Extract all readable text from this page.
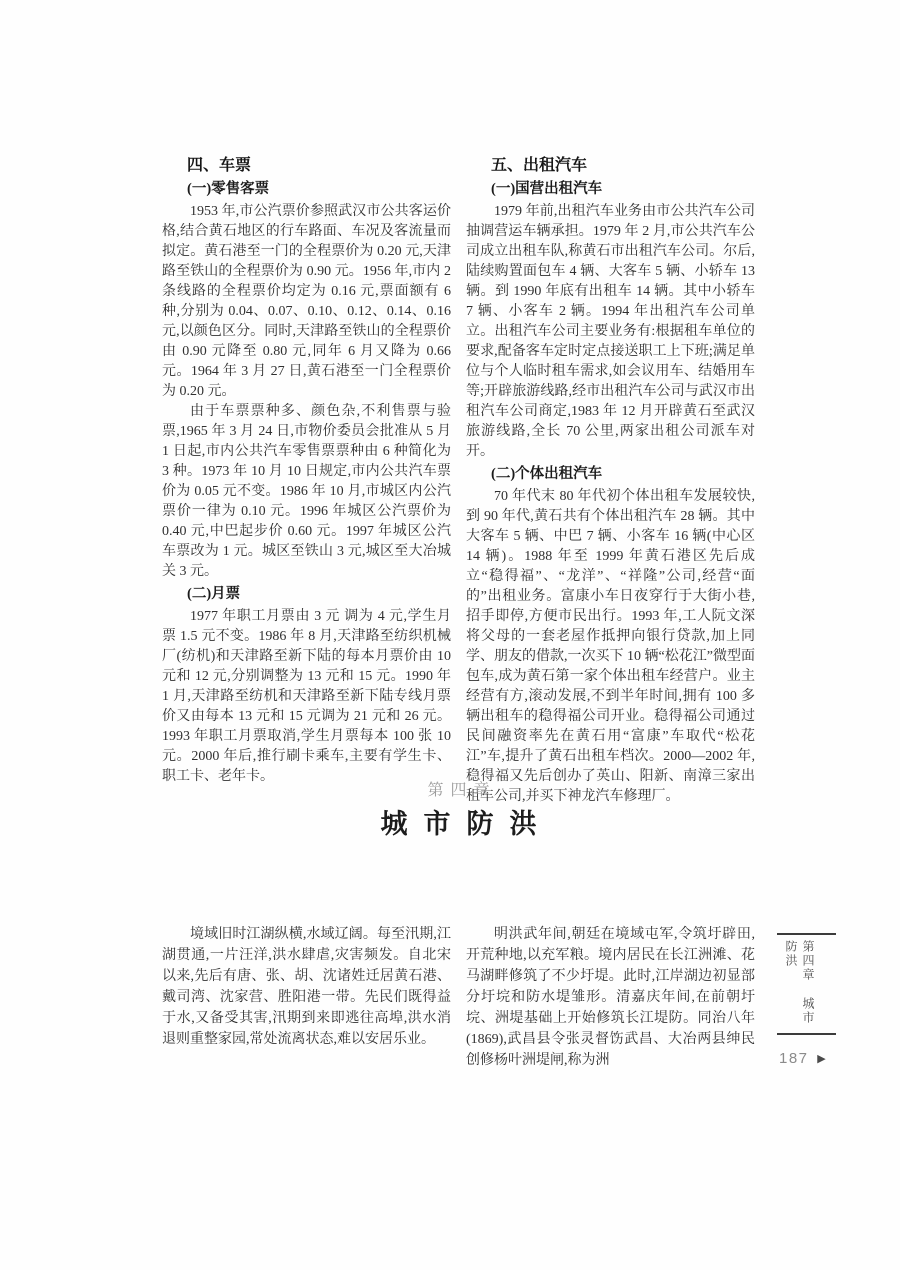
四、车票
(一)零售客票

1953 年,市公汽票价参照武汉市公共客运价格,结合黄石地区的行车路面、车况及客流量而拟定。黄石港至一门的全程票价为 0.20 元,天津路至铁山的全程票价为 0.90 元。1956 年,市内 2 条线路的全程票价均定为 0.16 元,票面额有 6 种,分别为 0.04、0.07、0.10、0.12、0.14、0.16 元,以颜色区分。同时,天津路至铁山的全程票价由 0.90 元降至 0.80 元,同年 6 月又降为 0.66 元。1964 年 3 月 27 日,黄石港至一门全程票价为 0.20 元。

由于车票票种多、颜色杂,不利售票与验票,1965 年 3 月 24 日,市物价委员会批准从 5 月 1 日起,市内公共汽车零售票票种由 6 种简化为 3 种。1973 年 10 月 10 日规定,市内公共汽车票价为 0.05 元不变。1986 年 10 月,市城区内公汽票价一律为 0.10 元。1996 年城区公汽票价为 0.40 元,中巴起步价 0.60 元。1997 年城区公汽车票改为 1 元。城区至铁山 3 元,城区至大冶城关 3 元。

(二)月票

1977 年职工月票由 3 元 调为 4 元,学生月票 1.5 元不变。1986 年 8 月,天津路至纺织机械厂(纺机)和天津路至新下陆的每本月票价由 10 元和 12 元,分别调整为 13 元和 15 元。1990 年 1 月,天津路至纺机和天津路至新下陆专线月票价又由每本 13 元和 15 元调为 21 元和 26 元。1993 年职工月票取消,学生月票每本 100 张 10 元。2000 年后,推行刷卡乘车,主要有学生卡、职工卡、老年卡。

五、出租汽车
(一)国营出租汽车

1979 年前,出租汽车业务由市公共汽车公司抽调营运车辆承担。1979 年 2 月,市公共汽车公司成立出租车队,称黄石市出租汽车公司。尔后,陆续购置面包车 4 辆、大客车 5 辆、小轿车 13 辆。到 1990 年底有出租车 14 辆。其中小轿车 7 辆、小客车 2 辆。1994 年出租汽车公司单立。出租汽车公司主要业务有:根据租车单位的要求,配备客车定时定点接送职工上下班;满足单位与个人临时租车需求,如会议用车、结婚用车等;开辟旅游线路,经市出租汽车公司与武汉市出租汽车公司商定,1983 年 12 月开辟黄石至武汉旅游线路,全长 70 公里,两家出租公司派车对开。

(二)个体出租汽车

70 年代末 80 年代初个体出租车发展较快,到 90 年代,黄石共有个体出租汽车 28 辆。其中大客车 5 辆、中巴 7 辆、小客车 16 辆(中心区 14 辆)。1988 年至 1999 年黄石港区先后成立“稳得福”、“龙洋”、“祥隆”公司,经营“面的”出租业务。富康小车日夜穿行于大街小巷,招手即停,方便市民出行。1993 年,工人阮文深将父母的一套老屋作抵押向银行贷款,加上同学、朋友的借款,一次买下 10 辆“松花江”微型面包车,成为黄石第一家个体出租车经营户。业主经营有方,滚动发展,不到半年时间,拥有 100 多辆出租车的稳得福公司开业。稳得福公司通过民间融资率先在黄石用“富康”车取代“松花江”车,提升了黄石出租车档次。2000—2002 年,稳得福又先后创办了英山、阳新、南漳三家出租车公司,并买下神龙汽车修理厂。

第四章
城市防洪

境域旧时江湖纵横,水域辽阔。每至汛期,江湖贯通,一片汪洋,洪水肆虐,灾害频发。自北宋以来,先后有唐、张、胡、沈诸姓迁居黄石港、戴司湾、沈家营、胜阳港一带。先民们既得益于水,又备受其害,汛期到来即逃往高埠,洪水消退则重整家园,常处流离状态,难以安居乐业。

明洪武年间,朝廷在境域屯军,令筑圩辟田,开荒种地,以充军粮。境内居民在长江洲滩、花马湖畔修筑了不少圩堤。此时,江岸湖边初显部分圩垸和防水堤雏形。清嘉庆年间,在前朝圩垸、洲堤基础上开始修筑长江堤防。同治八年(1869),武昌县令张灵督饬武昌、大冶两县绅民创修杨叶洲堤闸,称为洲

第四章 城市防洪
187 ▶
